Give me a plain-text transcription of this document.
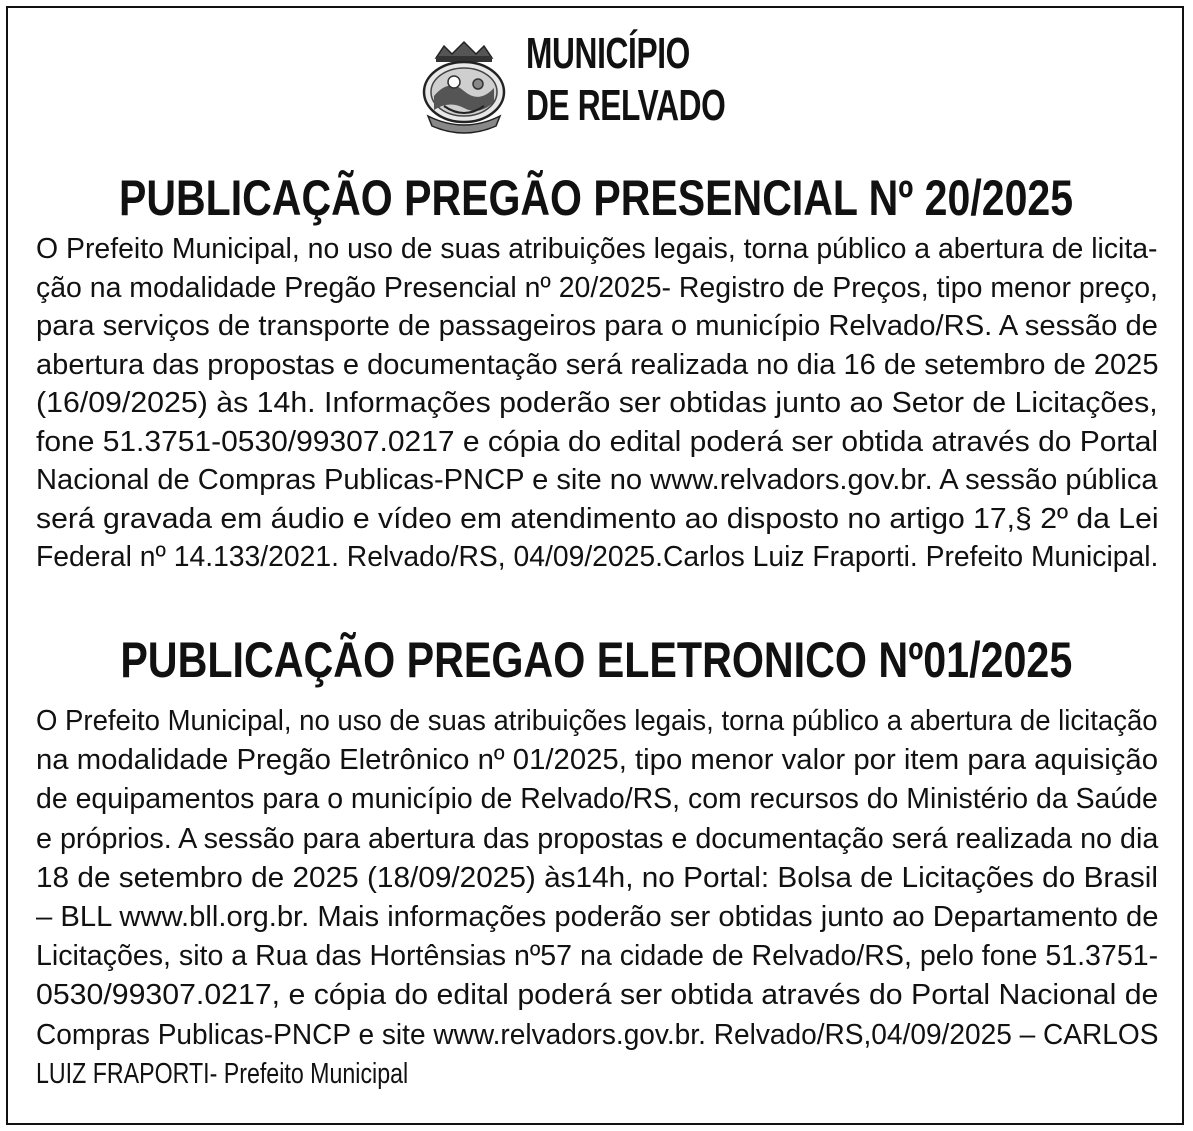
MUNICÍPIO
DE RELVADO
PUBLICAÇÃO PREGÃO PRESENCIAL Nº 20/2025
O Prefeito Municipal, no uso de suas atribuições legais, torna público a abertura de licita-
ção na modalidade Pregão Presencial nº 20/2025- Registro de Preços, tipo menor preço,
para serviços de transporte de passageiros para o município Relvado/RS. A sessão de
abertura das propostas e documentação será realizada no dia 16 de setembro de 2025
(16/09/2025) às 14h. Informações poderão ser obtidas junto ao Setor de Licitações,
fone 51.3751-0530/99307.0217 e cópia do edital poderá ser obtida através do Portal
Nacional de Compras Publicas-PNCP e site no www.relvadors.gov.br. A sessão pública
será gravada em áudio e vídeo em atendimento ao disposto no artigo 17,§ 2º da Lei
Federal nº 14.133/2021. Relvado/RS, 04/09/2025.Carlos Luiz Fraporti. Prefeito Municipal.
PUBLICAÇÃO PREGAO ELETRONICO Nº01/2025
O Prefeito Municipal, no uso de suas atribuições legais, torna público a abertura de licitação
na modalidade Pregão Eletrônico nº 01/2025, tipo menor valor por item para aquisição
de equipamentos para o município de Relvado/RS, com recursos do Ministério da Saúde
e próprios. A sessão para abertura das propostas e documentação será realizada no dia
18 de setembro de 2025 (18/09/2025) às14h, no Portal: Bolsa de Licitações do Brasil
– BLL www.bll.org.br. Mais informações poderão ser obtidas junto ao Departamento de
Licitações, sito a Rua das Hortênsias nº57 na cidade de Relvado/RS, pelo fone 51.3751-
0530/99307.0217, e cópia do edital poderá ser obtida através do Portal Nacional de
Compras Publicas-PNCP e site www.relvadors.gov.br. Relvado/RS,04/09/2025 – CARLOS
LUIZ FRAPORTI- Prefeito Municipal
